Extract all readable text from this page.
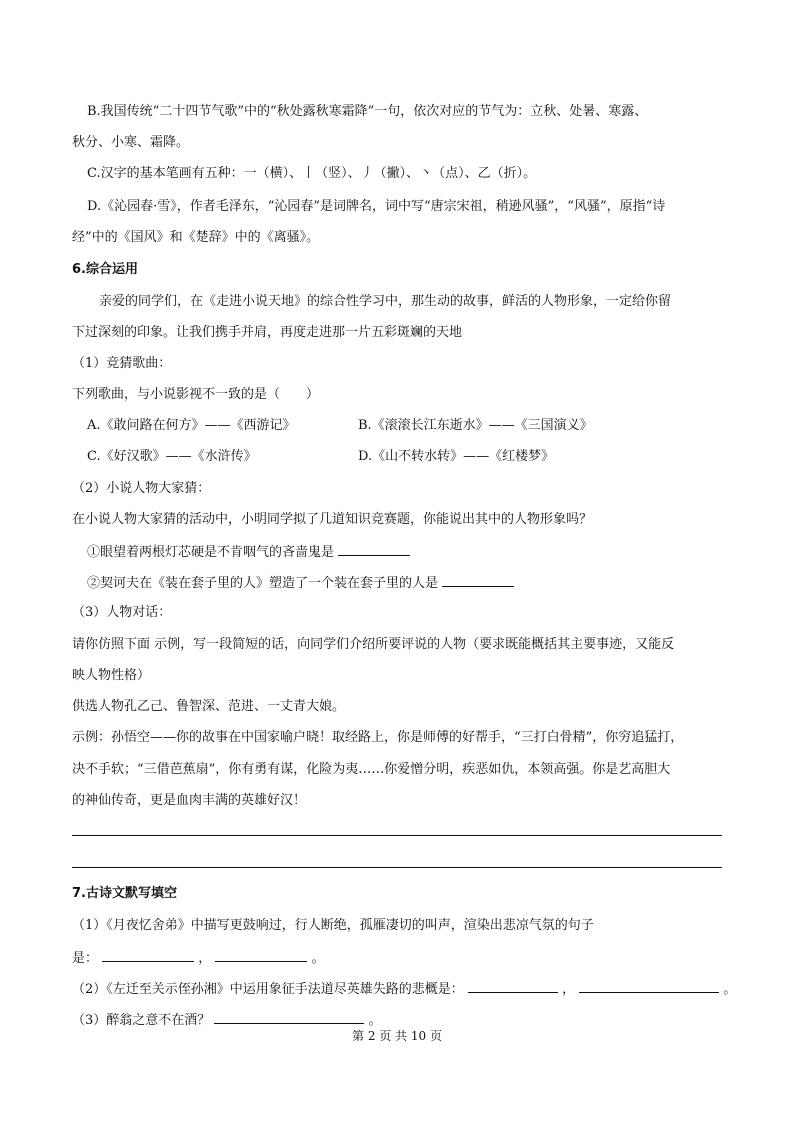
B.我国传统“二十四节气歌”中的“秋处露秋寒霜降”一句，依次对应的节气为：立秋、处暑、寒露、
秋分、小寒、霜降。
C.汉字的基本笔画有五种：一（横）、丨（竖）、丿（撇）、丶（点）、乙（折）。
D.《沁园春·雪》，作者毛泽东，“沁园春”是词牌名，词中写“唐宗宋祖，稍逊风骚”，“风骚”，原指“诗
经”中的《国风》和《楚辞》中的《离骚》。
6.综合运用
亲爱的同学们，在《走进小说天地》的综合性学习中，那生动的故事，鲜活的人物形象，一定给你留
下过深刻的印象。让我们携手并肩，再度走进那一片五彩斑斓的天地
（1）竞猜歌曲：
下列歌曲，与小说影视不一致的是（　　）
A.《敢问路在何方》——《西游记》	B.《滚滚长江东逝水》——《三国演义》
C.《好汉歌》——《水浒传》	D.《山不转水转》——《红楼梦》
（2）小说人物大家猜：
在小说人物大家猜的活动中，小明同学拟了几道知识竞赛题，你能说出其中的人物形象吗？
①眼望着两根灯芯硬是不肯咽气的吝啬鬼是
②契诃夫在《装在套子里的人》塑造了一个装在套子里的人是
（3）人物对话：
请你仿照下面 示例，写一段简短的话，向同学们介绍所要评说的人物（要求既能概括其主要事迹，又能反
映人物性格）
供选人物孔乙己、鲁智深、范进、一丈青大娘。
示例：孙悟空——你的故事在中国家喻户晓！取经路上，你是师傅的好帮手，“三打白骨精”，你穷追猛打，
决不手软；“三借芭蕉扇”，你有勇有谋，化险为夷……你爱憎分明，疾恶如仇，本领高强。你是艺高胆大
的神仙传奇，更是血肉丰满的英雄好汉！
7.古诗文默写填空
（1）《月夜忆舍弟》中描写更鼓响过，行人断绝，孤雁凄切的叫声，渲染出悲凉气氛的句子
是：	，	。
（2）《左迁至关示侄孙湘》中运用象征手法道尽英雄失路的悲概是：	，	。
（3）醉翁之意不在酒？	。
第 2 页 共 10 页
